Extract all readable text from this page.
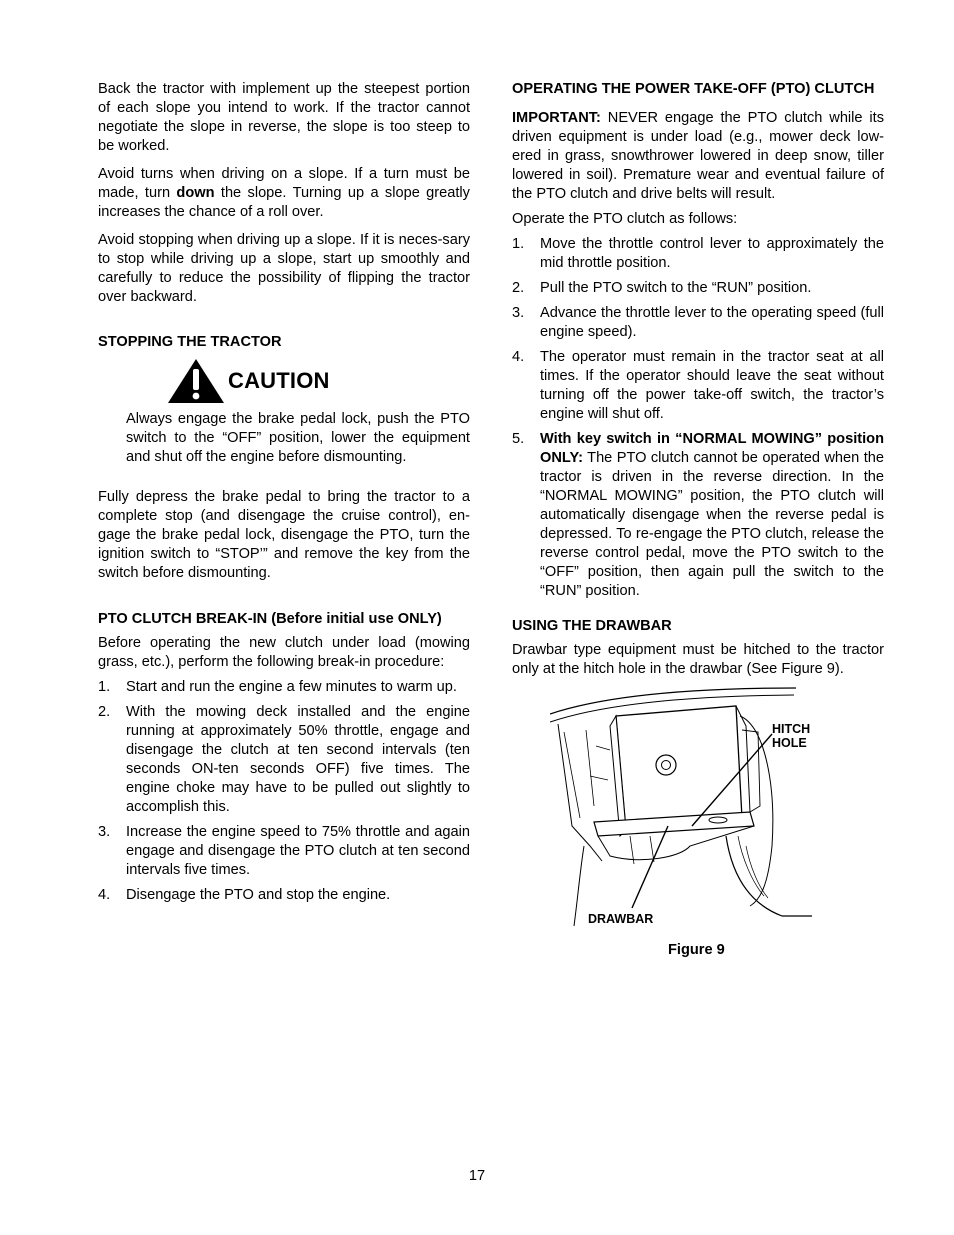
Back the tractor with implement up the steepest portion of each slope you intend to work. If the tractor cannot negotiate the slope in reverse, the slope is too steep to be worked.

Avoid turns when driving on a slope. If a turn must be made, turn down the slope. Turning up a slope greatly increases the chance of a roll over.

Avoid stopping when driving up a slope. If it is neces-sary to stop while driving up a slope, start up smoothly and carefully to reduce the possibility of flipping the tractor over backward.

STOPPING THE TRACTOR
CAUTION

Always engage the brake pedal lock, push the PTO switch to the “OFF” position, lower the equipment and shut off the engine before dismounting.

Fully depress the brake pedal to bring the tractor to a complete stop (and disengage the cruise control), en-gage the brake pedal lock, disengage the PTO, turn the ignition switch to “STOP’” and remove the key from the switch before dismounting.

PTO CLUTCH BREAK-IN (Before initial use ONLY)

Before operating the new clutch under load (mowing grass, etc.), perform the following break-in procedure:

1. Start and run the engine a few minutes to warm up.
2. With the mowing deck installed and the engine running at approximately 50% throttle, engage and disengage the clutch at ten second intervals (ten seconds ON-ten seconds OFF) five times. The engine choke may have to be pulled out slightly to accomplish this.
3. Increase the engine speed to 75% throttle and again engage and disengage the PTO clutch at ten second intervals five times.
4. Disengage the PTO and stop the engine.
OPERATING THE POWER TAKE-OFF (PTO) CLUTCH

IMPORTANT: NEVER engage the PTO clutch while its driven equipment is under load (e.g., mower deck low-ered in grass, snowthrower lowered in deep snow, tiller lowered in soil). Premature wear and eventual failure of the PTO clutch and drive belts will result.

Operate the PTO clutch as follows:

1. Move the throttle control lever to approximately the mid throttle position.
2. Pull the PTO switch to the “RUN” position.
3. Advance the throttle lever to the operating speed (full engine speed).
4. The operator must remain in the tractor seat at all times. If the operator should leave the seat without turning off the power take-off switch, the tractor’s engine will shut off.
5. With key switch in “NORMAL MOWING” position ONLY: The PTO clutch cannot be operated when the tractor is driven in the reverse direction. In the “NORMAL MOWING” position, the PTO clutch will automatically disengage when the reverse pedal is depressed. To re-engage the PTO clutch, release the reverse control pedal, move the PTO switch to the “OFF” position, then again pull the switch to the “RUN” position.
USING THE DRAWBAR

Drawbar type equipment must be hitched to the tractor only at the hitch hole in the drawbar (See Figure 9).

HITCH
HOLE
DRAWBAR
Figure 9
17
